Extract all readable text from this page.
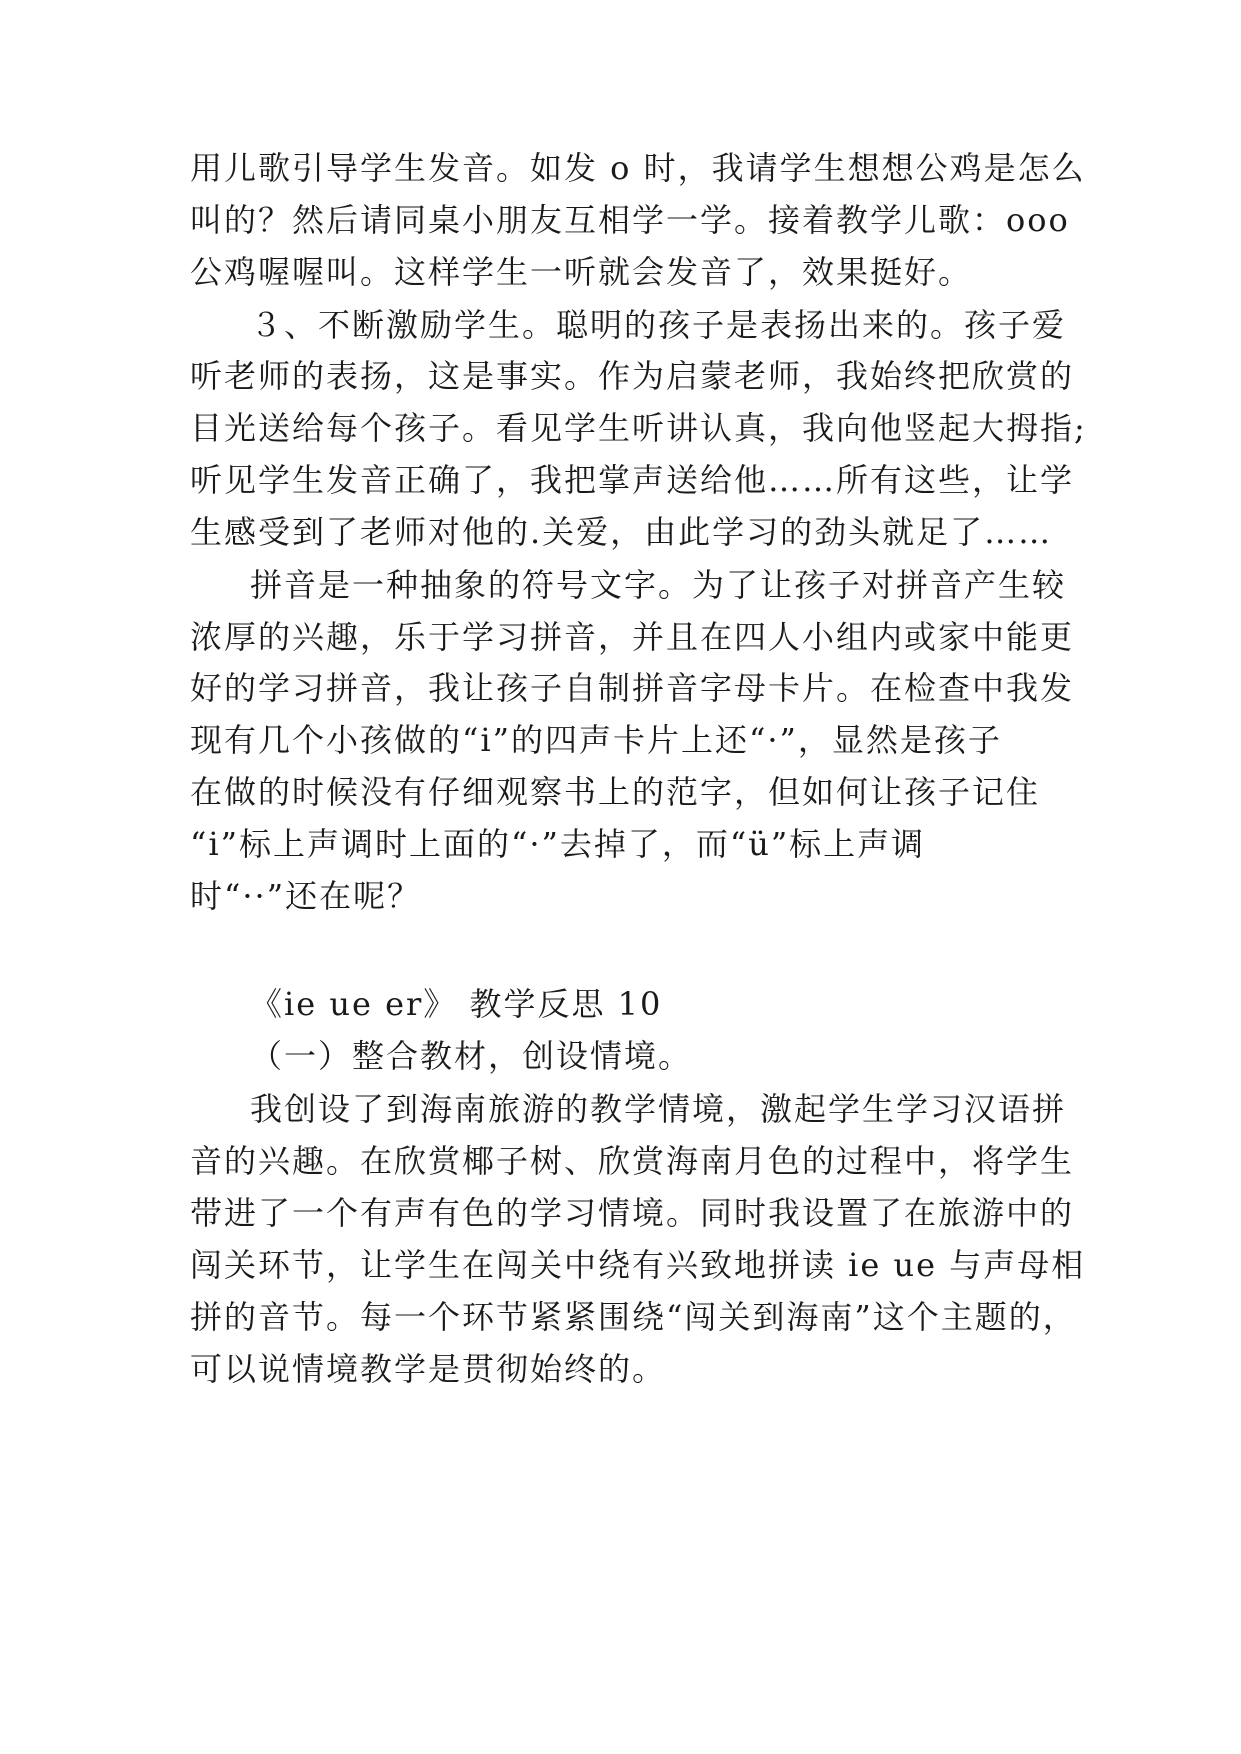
用儿歌引导学生发音。如发 o 时，我请学生想想公鸡是怎么
叫的？然后请同桌小朋友互相学一学。接着教学儿歌：ooo
公鸡喔喔叫。这样学生一听就会发音了，效果挺好。
３、不断激励学生。聪明的孩子是表扬出来的。孩子爱
听老师的表扬，这是事实。作为启蒙老师，我始终把欣赏的
目光送给每个孩子。看见学生听讲认真，我向他竖起大拇指;
听见学生发音正确了，我把掌声送给他……所有这些，让学
生感受到了老师对他的.关爱，由此学习的劲头就足了……
拼音是一种抽象的符号文字。为了让孩子对拼音产生较
浓厚的兴趣，乐于学习拼音，并且在四人小组内或家中能更
好的学习拼音，我让孩子自制拼音字母卡片。在检查中我发
现有几个小孩做的“i”的四声卡片上还“·”，显然是孩子
在做的时候没有仔细观察书上的范字，但如何让孩子记住
“i”标上声调时上面的“·”去掉了，而“ü”标上声调
时“··”还在呢？
《ie ue er》 教学反思 10
（一）整合教材，创设情境。
我创设了到海南旅游的教学情境，激起学生学习汉语拼
音的兴趣。在欣赏椰子树、欣赏海南月色的过程中，将学生
带进了一个有声有色的学习情境。同时我设置了在旅游中的
闯关环节，让学生在闯关中绕有兴致地拼读 ie ue 与声母相
拼的音节。每一个环节紧紧围绕“闯关到海南”这个主题的，
可以说情境教学是贯彻始终的。
